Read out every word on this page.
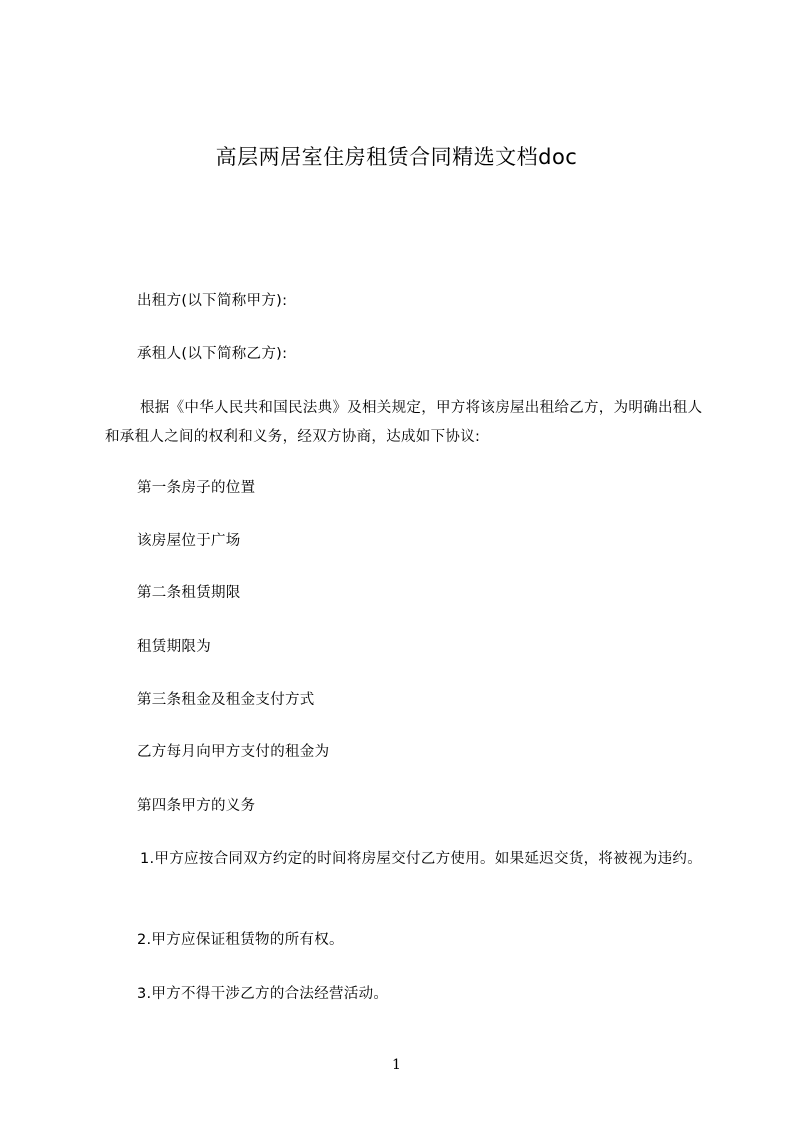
高层两居室住房租赁合同精选文档doc

出租方(以下简称甲方):

承租人(以下简称乙方):

根据《中华人民共和国民法典》及相关规定，甲方将该房屋出租给乙方，为明确出租人和承租人之间的权利和义务，经双方协商，达成如下协议:

第一条房子的位置

该房屋位于广场

第二条租赁期限

租赁期限为

第三条租金及租金支付方式

乙方每月向甲方支付的租金为

第四条甲方的义务

1.甲方应按合同双方约定的时间将房屋交付乙方使用。如果延迟交货，将被视为违约。

2.甲方应保证租赁物的所有权。

3.甲方不得干涉乙方的合法经营活动。

1
